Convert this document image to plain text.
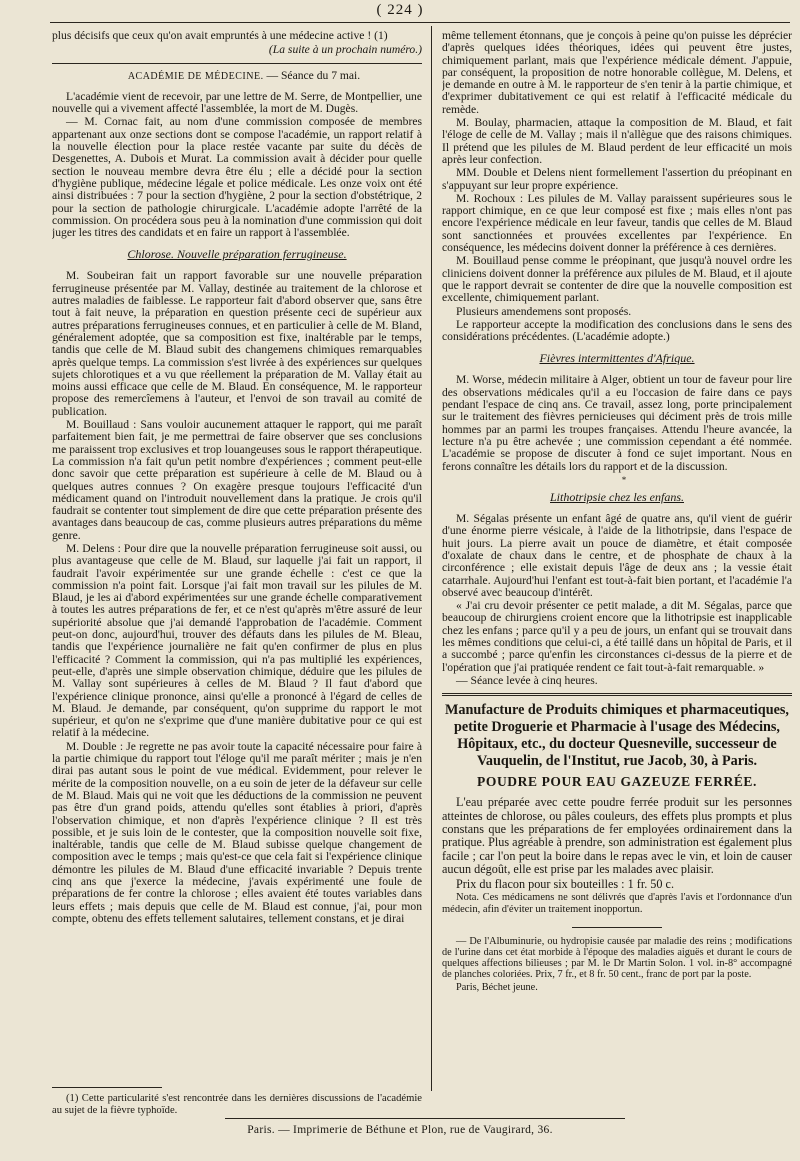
( 224 )

plus décisifs que ceux qu'on avait empruntés à une médecine active ! (1)

(La suite à un prochain numéro.)

ACADÉMIE DE MÉDECINE. — Séance du 7 mai.

L'académie vient de recevoir, par une lettre de M. Serre, de Montpellier, une nouvelle qui a vivement affecté l'assemblée, la mort de M. Dugès.

— M. Cornac fait, au nom d'une commission composée de membres appartenant aux onze sections dont se compose l'académie, un rapport relatif à la nouvelle élection pour la place restée vacante par suite du décès de Desgenettes, A. Dubois et Murat. La commission avait à décider pour quelle section le nouveau membre devra être élu ; elle a décidé pour la section d'hygiène publique, médecine légale et police médicale. Les onze voix ont été ainsi distribuées : 7 pour la section d'hygiène, 2 pour la section d'obstétrique, 2 pour la section de pathologie chirurgicale. L'académie adopte l'arrêté de la commission. On procédera sous peu à la nomination d'une commission qui doit juger les titres des candidats et en faire un rapport à l'assemblée.

Chlorose. Nouvelle préparation ferrugineuse.

M. Soubeiran fait un rapport favorable sur une nouvelle préparation ferrugineuse présentée par M. Vallay, destinée au traitement de la chlorose et autres maladies de faiblesse. Le rapporteur fait d'abord observer que, sans être tout à fait neuve, la préparation en question présente ceci de supérieur aux autres préparations ferrugineuses connues, et en particulier à celle de M. Bland, généralement adoptée, que sa composition est fixe, inaltérable par le temps, tandis que celle de M. Blaud subit des changemens chimiques remarquables après quelque temps. La commission s'est livrée à des expériences sur quelques sujets chlorotiques et a vu que réellement la préparation de M. Vallay était au moins aussi efficace que celle de M. Blaud. En conséquence, M. le rapporteur propose des remercîemens à l'auteur, et l'envoi de son travail au comité de publication.

M. Bouillaud : Sans vouloir aucunement attaquer le rapport, qui me paraît parfaitement bien fait, je me permettrai de faire observer que ses conclusions me paraissent trop exclusives et trop louangeuses sous le rapport thérapeutique. La commission n'a fait qu'un petit nombre d'expériences ; comment peut-elle donc savoir que cette préparation est supérieure à celle de M. Blaud ou à quelques autres connues ? On exagère presque toujours l'efficacité d'un médicament quand on l'introduit nouvellement dans la pratique. Je crois qu'il faudrait se contenter tout simplement de dire que cette préparation présente des avantages dans beaucoup de cas, comme plusieurs autres préparations du même genre.

M. Delens : Pour dire que la nouvelle préparation ferrugineuse soit aussi, ou plus avantageuse que celle de M. Blaud, sur laquelle j'ai fait un rapport, il faudrait l'avoir expérimentée sur une grande échelle : c'est ce que la commission n'a point fait. Lorsque j'ai fait mon travail sur les pilules de M. Blaud, je les ai d'abord expérimentées sur une grande échelle comparativement à toutes les autres préparations de fer, et ce n'est qu'après m'être assuré de leur supériorité absolue que j'ai demandé l'approbation de l'académie. Comment peut-on donc, aujourd'hui, trouver des défauts dans les pilules de M. Bleau, tandis que l'expérience journalière ne fait qu'en confirmer de plus en plus l'efficacité ? Comment la commission, qui n'a pas multiplié les expériences, peut-elle, d'après une simple observation chimique, déduire que les pilules de M. Vallay sont supérieures à celles de M. Blaud ? Il faut d'abord que l'expérience clinique prononce, ainsi qu'elle a prononcé à l'égard de celles de M. Blaud. Je demande, par conséquent, qu'on supprime du rapport le mot supérieur, et qu'on ne s'exprime que d'une manière dubitative pour ce qui est relatif à la médecine.

M. Double : Je regrette ne pas avoir toute la capacité nécessaire pour faire à la partie chimique du rapport tout l'éloge qu'il me paraît mériter ; mais je n'en dirai pas autant sous le point de vue médical. Evidemment, pour relever le mérite de la composition nouvelle, on a eu soin de jeter de la défaveur sur celle de M. Blaud. Mais qui ne voit que les déductions de la commission ne peuvent pas être d'un grand poids, attendu qu'elles sont établies à priori, d'après l'observation chimique, et non d'après l'expérience clinique ? Il est très possible, et je suis loin de le contester, que la composition nouvelle soit fixe, inaltérable, tandis que celle de M. Blaud subisse quelque changement de composition avec le temps ; mais qu'est-ce que cela fait si l'expérience clinique démontre les pilules de M. Blaud d'une efficacité invariable ? Depuis trente cinq ans que j'exerce la médecine, j'avais expérimenté une foule de préparations de fer contre la chlorose ; elles avaient été toutes variables dans leurs effets ; mais depuis que celle de M. Blaud est connue, j'ai, pour mon compte, obtenu des effets tellement salutaires, tellement constans, et je dirai

même tellement étonnans, que je conçois à peine qu'on puisse les déprécier d'après quelques idées théoriques, idées qui peuvent être justes, chimiquement parlant, mais que l'expérience médicale dément. J'appuie, par conséquent, la proposition de notre honorable collègue, M. Delens, et je demande en outre à M. le rapporteur de s'en tenir à la partie chimique, et d'exprimer dubitativement ce qui est relatif à l'efficacité médicale du remède.

M. Boulay, pharmacien, attaque la composition de M. Blaud, et fait l'éloge de celle de M. Vallay ; mais il n'allègue que des raisons chimiques. Il prétend que les pilules de M. Blaud perdent de leur efficacité un mois après leur confection.

MM. Double et Delens nient formellement l'assertion du préopinant en s'appuyant sur leur propre expérience.

M. Rochoux : Les pilules de M. Vallay paraissent supérieures sous le rapport chimique, en ce que leur composé est fixe ; mais elles n'ont pas encore l'expérience médicale en leur faveur, tandis que celles de M. Blaud sont sanctionnées et prouvées excellentes par l'expérience. En conséquence, les médecins doivent donner la préférence à ces dernières.

M. Bouillaud pense comme le préopinant, que jusqu'à nouvel ordre les cliniciens doivent donner la préférence aux pilules de M. Blaud, et il ajoute que le rapport devrait se contenter de dire que la nouvelle composition est excellente, chimiquement parlant.

Plusieurs amendemens sont proposés.

Le rapporteur accepte la modification des conclusions dans le sens des considérations précédentes. (L'académie adopte.)

Fièvres intermittentes d'Afrique.

M. Worse, médecin militaire à Alger, obtient un tour de faveur pour lire des observations médicales qu'il a eu l'occasion de faire dans ce pays pendant l'espace de cinq ans. Ce travail, assez long, porte principalement sur le traitement des fièvres pernicieuses qui déciment près de trois mille hommes par an parmi les troupes françaises. Attendu l'heure avancée, la lecture n'a pu être achevée ; une commission cependant a été nommée. L'académie se propose de discuter à fond ce sujet important. Nous en ferons connaître les détails lors du rapport et de la discussion.

*

Lithotripsie chez les enfans.

M. Ségalas présente un enfant âgé de quatre ans, qu'il vient de guérir d'une énorme pierre vésicale, à l'aide de la lithotripsie, dans l'espace de huit jours. La pierre avait un pouce de diamètre, et était composée d'oxalate de chaux dans le centre, et de phosphate de chaux à la circonférence ; elle existait depuis l'âge de deux ans ; la vessie était catarrhale. Aujourd'hui l'enfant est tout-à-fait bien portant, et l'académie l'a observé avec beaucoup d'intérêt.

« J'ai cru devoir présenter ce petit malade, a dit M. Ségalas, parce que beaucoup de chirurgiens croient encore que la lithotripsie est inapplicable chez les enfans ; parce qu'il y a peu de jours, un enfant qui se trouvait dans les mêmes conditions que celui-ci, a été taillé dans un hôpital de Paris, et il a succombé ; parce qu'enfin les circonstances ci-dessus de la pierre et de l'opération que j'ai pratiquée rendent ce fait tout-à-fait remarquable. »

— Séance levée à cinq heures.

Manufacture de Produits chimiques et pharmaceutiques, petite Droguerie et Pharmacie à l'usage des Médecins, Hôpitaux, etc., du docteur Quesneville, successeur de Vauquelin, de l'Institut, rue Jacob, 30, à Paris.
POUDRE POUR EAU GAZEUZE FERRÉE.

L'eau préparée avec cette poudre ferrée produit sur les personnes atteintes de chlorose, ou pâles couleurs, des effets plus prompts et plus constans que les préparations de fer employées ordinairement dans la pratique. Plus agréable à prendre, son administration est également plus facile ; car l'on peut la boire dans le repas avec le vin, et loin de causer aucun dégoût, elle est prise par les malades avec plaisir.

Prix du flacon pour six bouteilles : 1 fr. 50 c.

Nota. Ces médicamens ne sont délivrés que d'après l'avis et l'ordonnance d'un médecin, afin d'éviter un traitement inopportun.

— De l'Albuminurie, ou hydropisie causée par maladie des reins ; modifications de l'urine dans cet état morbide à l'époque des maladies aiguës et durant le cours de quelques affections bilieuses ; par M. le Dr Martin Solon. 1 vol. in-8° accompagné de planches coloriées. Prix, 7 fr., et 8 fr. 50 cent., franc de port par la poste.

Paris, Béchet jeune.

(1) Cette particularité s'est rencontrée dans les dernières discussions de l'académie au sujet de la fièvre typhoïde.

Paris. — Imprimerie de Béthune et Plon, rue de Vaugirard, 36.
